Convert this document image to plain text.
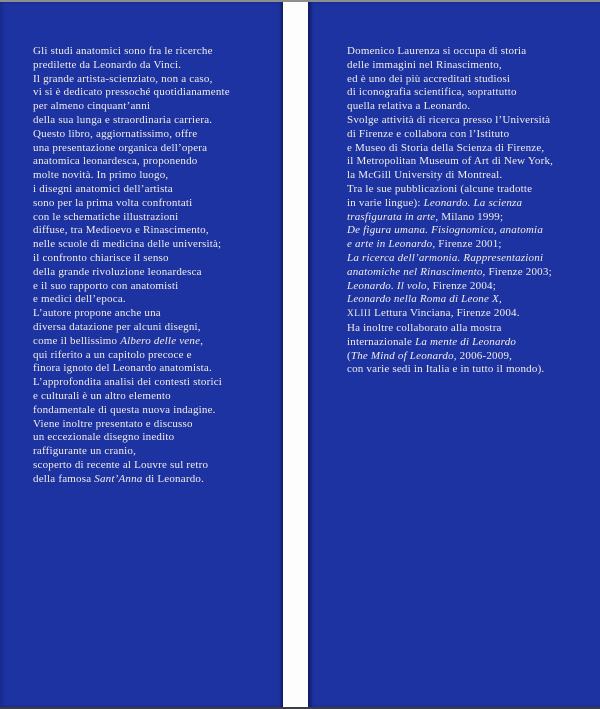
Gli studi anatomici sono fra le ricerche
predilette da Leonardo da Vinci.
Il grande artista-scienziato, non a caso,
vi si è dedicato pressoché quotidianamente
per almeno cinquant’anni
della sua lunga e straordinaria carriera.
Questo libro, aggiornatissimo, offre
una presentazione organica dell’opera
anatomica leonardesca, proponendo
molte novità. In primo luogo,
i disegni anatomici dell’artista
sono per la prima volta confrontati
con le schematiche illustrazioni
diffuse, tra Medioevo e Rinascimento,
nelle scuole di medicina delle università;
il confronto chiarisce il senso
della grande rivoluzione leonardesca
e il suo rapporto con anatomisti
e medici dell’epoca.
L’autore propone anche una
diversa datazione per alcuni disegni,
come il bellissimo Albero delle vene,
qui riferito a un capitolo precoce e
finora ignoto del Leonardo anatomista.
L’approfondita analisi dei contesti storici
e culturali è un altro elemento
fondamentale di questa nuova indagine.
Viene inoltre presentato e discusso
un eccezionale disegno inedito
raffigurante un cranio,
scoperto di recente al Louvre sul retro
della famosa Sant’Anna di Leonardo.
Domenico Laurenza si occupa di storia
delle immagini nel Rinascimento,
ed è uno dei più accreditati studiosi
di iconografia scientifica, soprattutto
quella relativa a Leonardo.
Svolge attività di ricerca presso l’Università
di Firenze e collabora con l’Istituto
e Museo di Storia della Scienza di Firenze,
il Metropolitan Museum of Art di New York,
la McGill University di Montreal.
Tra le sue pubblicazioni (alcune tradotte
in varie lingue): Leonardo. La scienza
trasfigurata in arte, Milano 1999;
De figura umana. Fisiognomica, anatomia
e arte in Leonardo, Firenze 2001;
La ricerca dell’armonia. Rappresentazioni
anatomiche nel Rinascimento, Firenze 2003;
Leonardo. Il volo, Firenze 2004;
Leonardo nella Roma di Leone X,
XLIII Lettura Vinciana, Firenze 2004.
Ha inoltre collaborato alla mostra
internazionale La mente di Leonardo
(The Mind of Leonardo, 2006-2009,
con varie sedi in Italia e in tutto il mondo).
